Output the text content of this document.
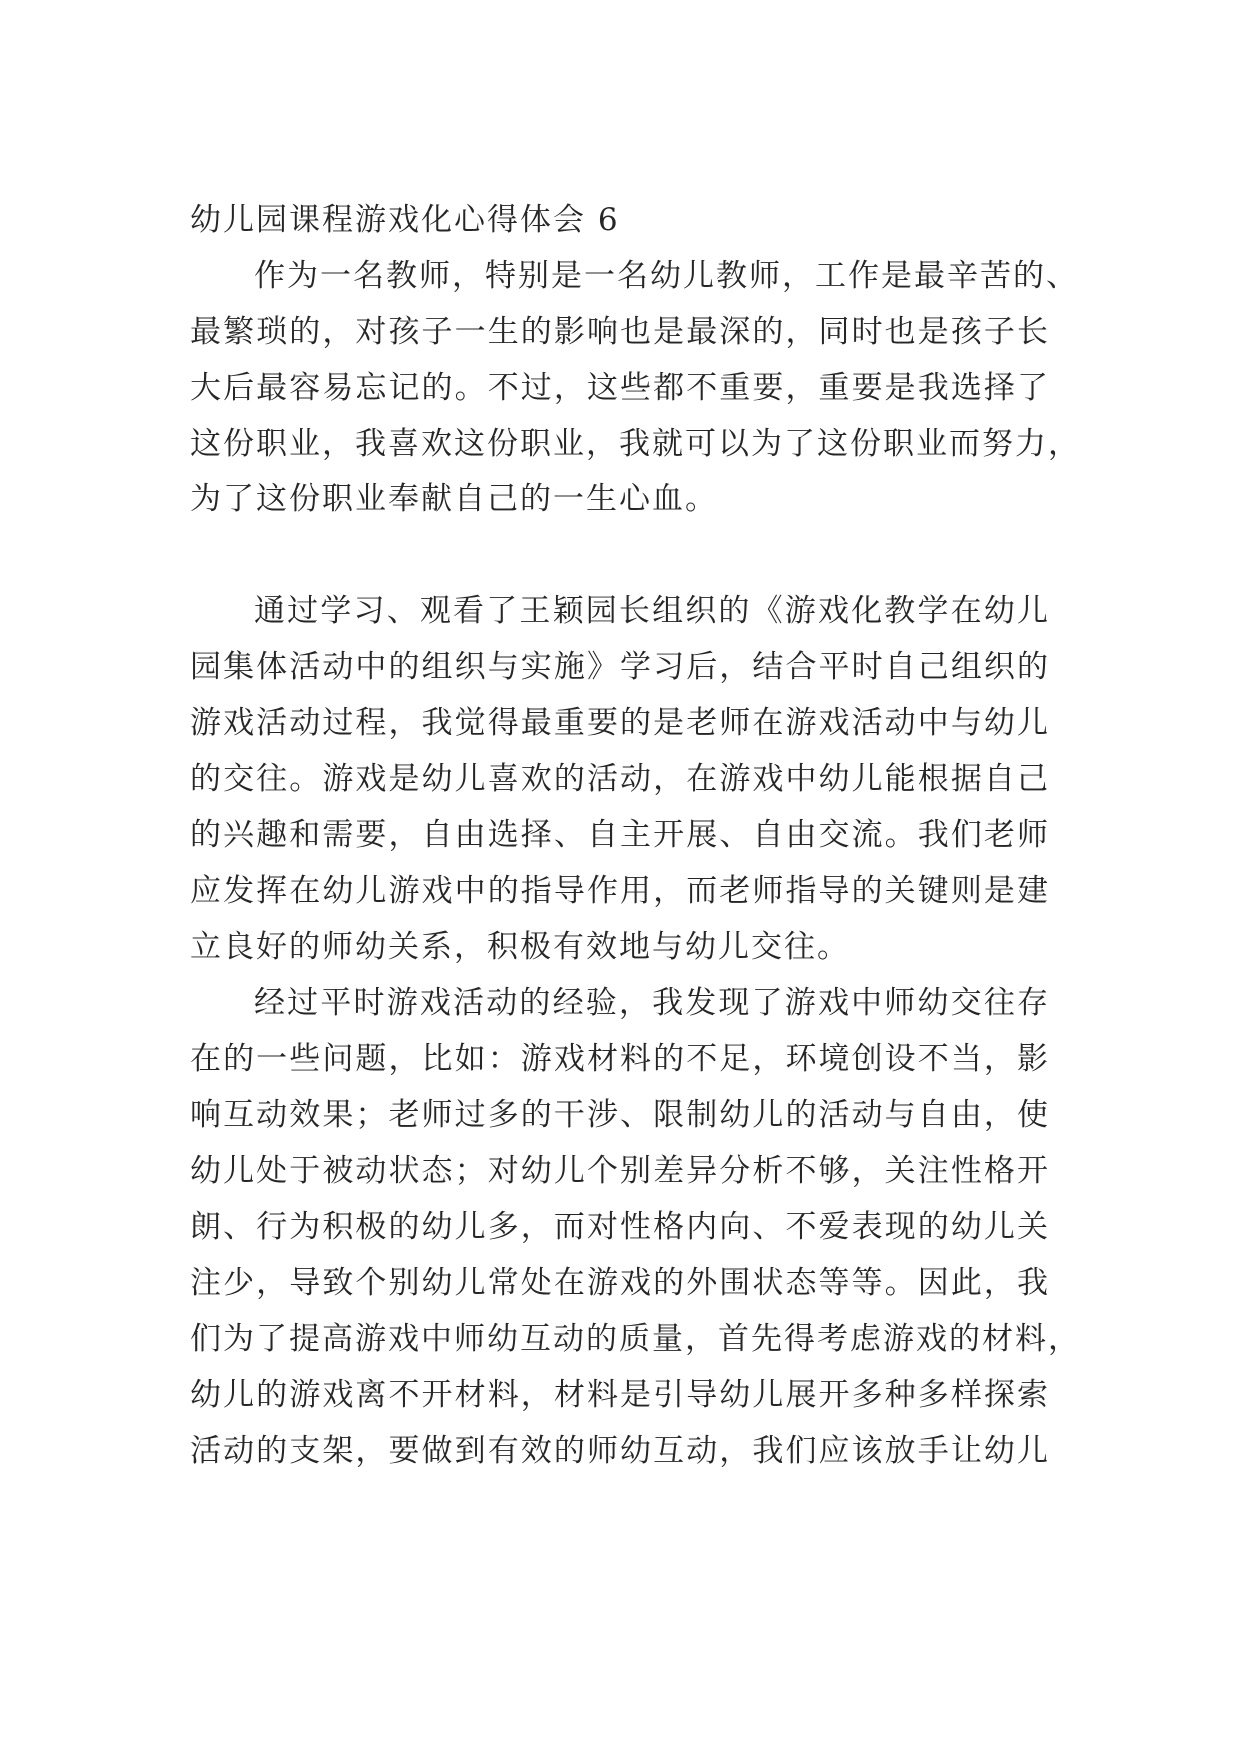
幼儿园课程游戏化心得体会 6
作为一名教师，特别是一名幼儿教师，工作是最辛苦的、
最繁琐的，对孩子一生的影响也是最深的，同时也是孩子长
大后最容易忘记的。不过，这些都不重要，重要是我选择了
这份职业，我喜欢这份职业，我就可以为了这份职业而努力，
为了这份职业奉献自己的一生心血。
通过学习、观看了王颖园长组织的《游戏化教学在幼儿
园集体活动中的组织与实施》学习后，结合平时自己组织的
游戏活动过程，我觉得最重要的是老师在游戏活动中与幼儿
的交往。游戏是幼儿喜欢的活动，在游戏中幼儿能根据自己
的兴趣和需要，自由选择、自主开展、自由交流。我们老师
应发挥在幼儿游戏中的指导作用，而老师指导的关键则是建
立良好的师幼关系，积极有效地与幼儿交往。
经过平时游戏活动的经验，我发现了游戏中师幼交往存
在的一些问题，比如：游戏材料的不足，环境创设不当，影
响互动效果；老师过多的干涉、限制幼儿的活动与自由，使
幼儿处于被动状态；对幼儿个别差异分析不够，关注性格开
朗、行为积极的幼儿多，而对性格内向、不爱表现的幼儿关
注少，导致个别幼儿常处在游戏的外围状态等等。因此，我
们为了提高游戏中师幼互动的质量，首先得考虑游戏的材料，
幼儿的游戏离不开材料，材料是引导幼儿展开多种多样探索
活动的支架，要做到有效的师幼互动，我们应该放手让幼儿
